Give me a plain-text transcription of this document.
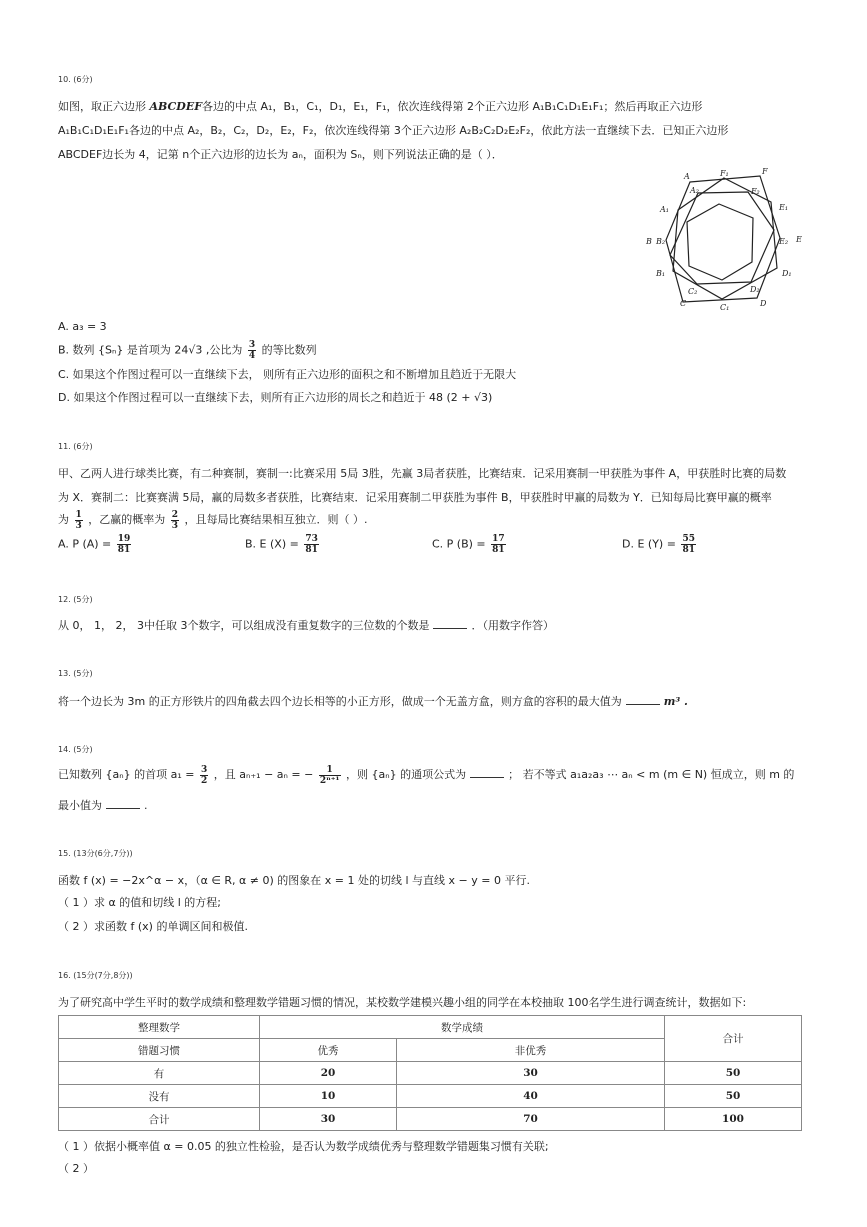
10. (6分)
如图，取正六边形 ABCDEF各边的中点 A₁，B₁，C₁，D₁，E₁，F₁，依次连线得第 2个正六边形 A₁B₁C₁D₁E₁F₁；然后再取正六边形
A₁B₁C₁D₁E₁F₁各边的中点 A₂，B₂，C₂，D₂，E₂，F₂，依次连线得第 3个正六边形 A₂B₂C₂D₂E₂F₂，依此方法一直继续下去．已知正六边形
ABCDEF边长为 4，记第 n个正六边形的边长为 aₙ，面积为 Sₙ，则下列说法正确的是（ ）．
A	F₁	F
A₂	F₂
A₁	E₁
B B₂	E₂ E
B₁	D₁
C₂	D₂
C	C₁	D
A. a₃ = 3
B. 数列 {Sₙ} 是首项为 24√3 ,公比为 $\frac{3}{4}$ 的等比数列
C. 如果这个作图过程可以一直继续下去， 则所有正六边形的面积之和不断增加且趋近于无限大
D. 如果这个作图过程可以一直继续下去，则所有正六边形的周长之和趋近于 48 (2 + √3)
11. (6分)
甲、乙两人进行球类比赛，有二种赛制，赛制一:比赛采用 5局 3胜，先赢 3局者获胜，比赛结束．记采用赛制一甲获胜为事件 A，甲获胜时比赛的局数
为 X．赛制二：比赛赛满 5局，赢的局数多者获胜，比赛结束．记采用赛制二甲获胜为事件 B，甲获胜时甲赢的局数为 Y．已知每局比赛甲赢的概率
为 $\frac{1}{3}$ ，乙赢的概率为 $\frac{2}{3}$ ，且每局比赛结果相互独立．则（ ）.
A. P $(A) = \frac{19}{81}$	B. E $(X) = \frac{73}{81}$	C. P $(B) = \frac{17}{81}$	D. E $(Y) = \frac{55}{81}$
12. (5分)
从 0， 1， 2， 3中任取 3个数字，可以组成没有重复数字的三位数的个数是	．（用数字作答）
13. (5分)
将一个边长为 3m 的正方形铁片的四角截去四个边长相等的小正方形，做成一个无盖方盒，则方盒的容积的最大值为	m³ .
14. (5分)
已知数列 {aₙ} 的首项 $a_1 = \frac{3}{2}$ ，且 aₙ₊₁ − aₙ = − $\frac{1}{\text{2ⁿ⁺¹}}$ ，则 {aₙ} 的通项公式为	； 若不等式 a₁a₂a₃ ⋯ aₙ < m (m ∈ N) 恒成立，则 m 的
最小值为	.
15. (13分(6分,7分))
函数 f (x) = −2x^α − x，（α ∈ R, α ≠ 0) 的图象在 x = 1 处的切线 l 与直线 x − y = 0 平行.
（ 1 ）求 α 的值和切线 l 的方程;
（ 2 ）求函数 f (x) 的单调区间和极值.
16. (15分(7分,8分))
为了研究高中学生平时的数学成绩和整理数学错题习惯的情况，某校数学建模兴趣小组的同学在本校抽取 100名学生进行调查统计，数据如下:
整理数学	数学成绩		合计
错题习惯	优秀	非优秀	
有	20	30	50
没有	10	40	50
合计	30	70	100
（ 1 ）依据小概率值 α = 0.05 的独立性检验，是否认为数学成绩优秀与整理数学错题集习惯有关联;
（ 2 ）
